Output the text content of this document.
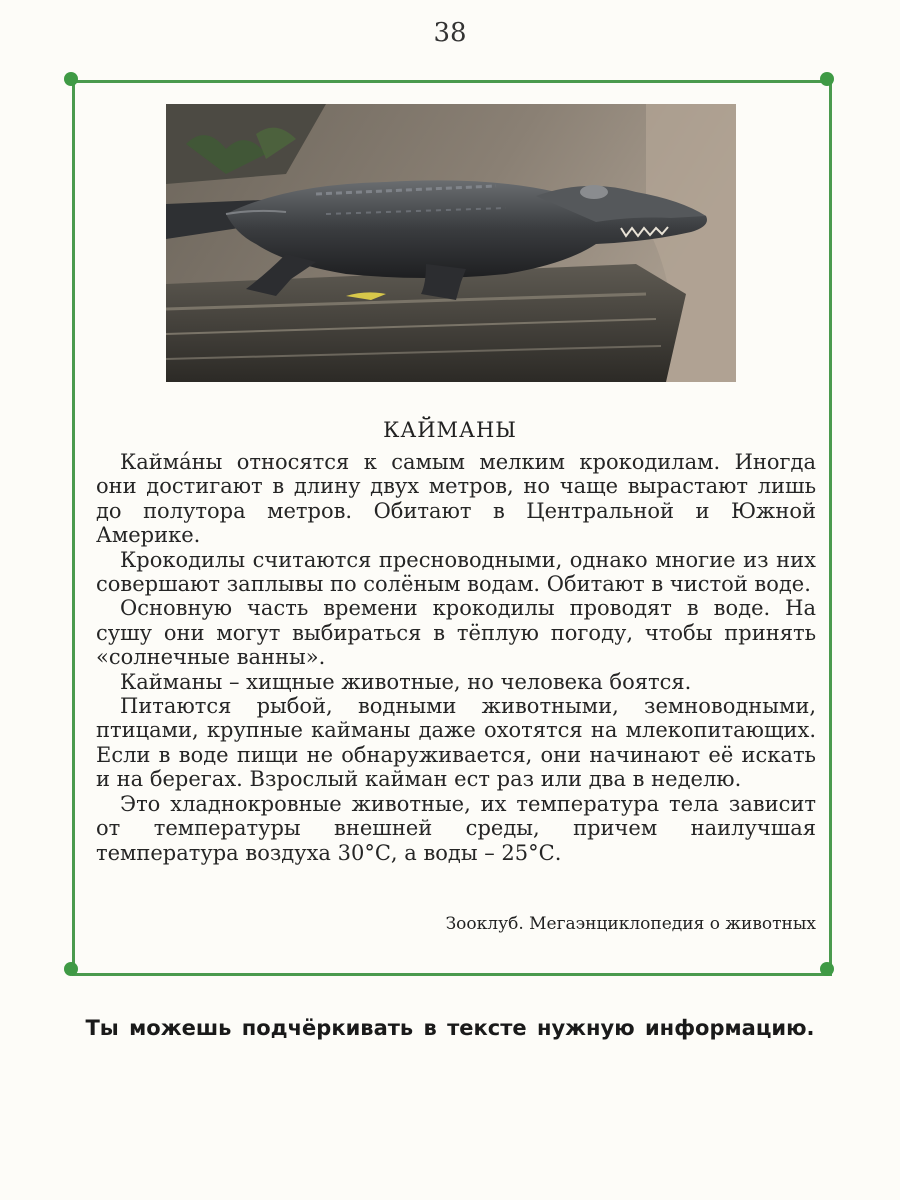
38
КАЙМАНЫ

Кайма́ны относятся к самым мелким крокодилам. Иногда они достигают в длину двух метров, но чаще вырастают лишь до полутора метров. Обитают в Центральной и Южной Америке.

Крокодилы считаются пресноводными, однако многие из них совершают заплывы по солёным водам. Обитают в чистой воде.

Основную часть времени крокодилы проводят в воде. На сушу они могут выбираться в тёплую погоду, чтобы принять «солнечные ванны».

Кайманы – хищные животные, но человека боятся.

Питаются рыбой, водными животными, земноводными, птицами, крупные кайманы даже охотятся на млекопитающих. Если в воде пищи не обнаруживается, они начинают её искать и на берегах. Взрослый кайман ест раз или два в неделю.

Это хладнокровные животные, их температура тела зависит от температуры внешней среды, причем наилучшая температура воздуха 30°С, а воды – 25°С.

Зооклуб. Мегаэнциклопедия о животных
Ты можешь подчёркивать в тексте нужную информацию.
